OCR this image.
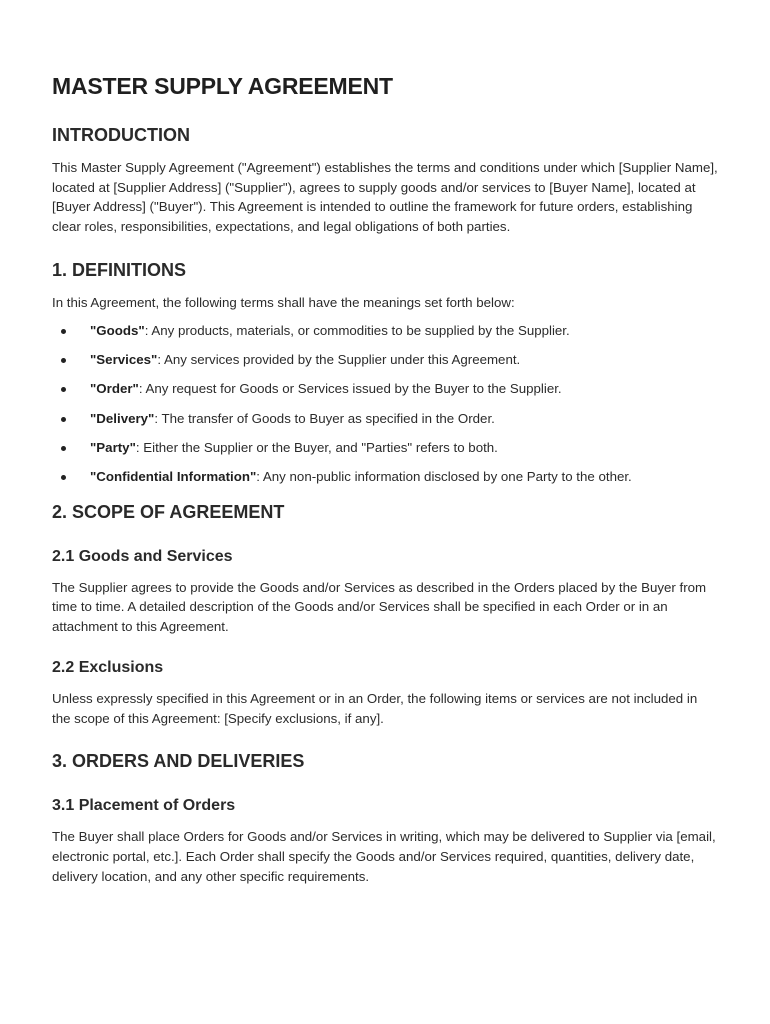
MASTER SUPPLY AGREEMENT
INTRODUCTION

This Master Supply Agreement ("Agreement") establishes the terms and conditions under which [Supplier Name], located at [Supplier Address] ("Supplier"), agrees to supply goods and/or services to [Buyer Name], located at [Buyer Address] ("Buyer"). This Agreement is intended to outline the framework for future orders, establishing clear roles, responsibilities, expectations, and legal obligations of both parties.

1. DEFINITIONS

In this Agreement, the following terms shall have the meanings set forth below:

"Goods": Any products, materials, or commodities to be supplied by the Supplier.
"Services": Any services provided by the Supplier under this Agreement.
"Order": Any request for Goods or Services issued by the Buyer to the Supplier.
"Delivery": The transfer of Goods to Buyer as specified in the Order.
"Party": Either the Supplier or the Buyer, and "Parties" refers to both.
"Confidential Information": Any non-public information disclosed by one Party to the other.
2. SCOPE OF AGREEMENT
2.1 Goods and Services

The Supplier agrees to provide the Goods and/or Services as described in the Orders placed by the Buyer from time to time. A detailed description of the Goods and/or Services shall be specified in each Order or in an attachment to this Agreement.

2.2 Exclusions

Unless expressly specified in this Agreement or in an Order, the following items or services are not included in the scope of this Agreement: [Specify exclusions, if any].

3. ORDERS AND DELIVERIES
3.1 Placement of Orders

The Buyer shall place Orders for Goods and/or Services in writing, which may be delivered to Supplier via [email, electronic portal, etc.]. Each Order shall specify the Goods and/or Services required, quantities, delivery date, delivery location, and any other specific requirements.
